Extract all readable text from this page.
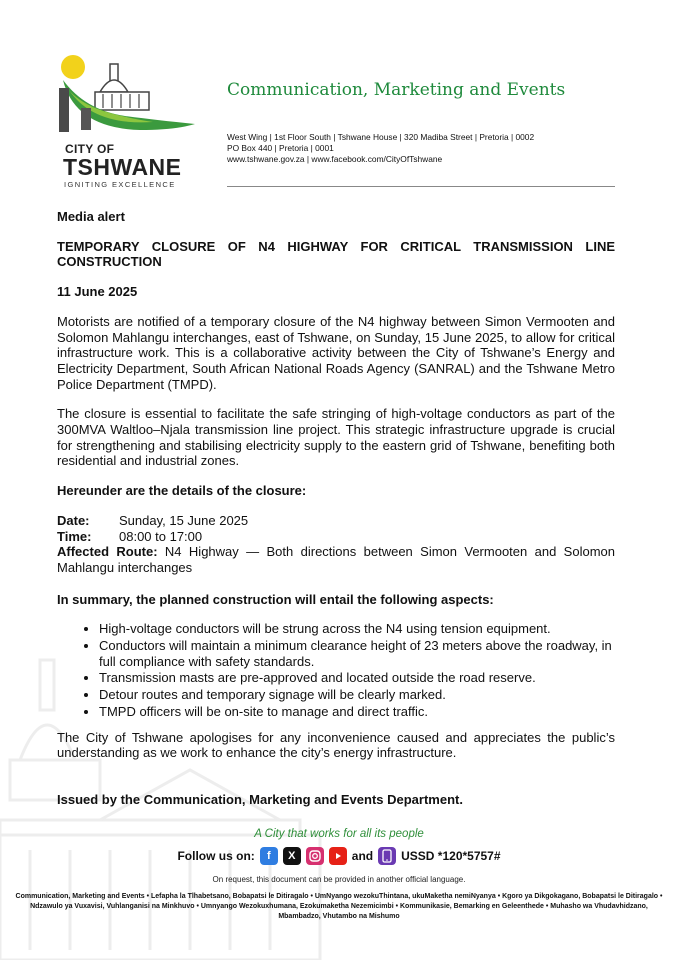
CITY OF
TSHWANE
IGNITING EXCELLENCE
Communication, Marketing and Events
West Wing | 1st Floor South | Tshwane House | 320 Madiba Street | Pretoria | 0002
PO Box 440 | Pretoria | 0001
www.tshwane.gov.za | www.facebook.com/CityOfTshwane

Media alert

TEMPORARY CLOSURE OF N4 HIGHWAY FOR CRITICAL TRANSMISSION LINE CONSTRUCTION

11 June 2025

Motorists are notified of a temporary closure of the N4 highway between Simon Vermooten and Solomon Mahlangu interchanges, east of Tshwane, on Sunday, 15 June 2025, to allow for critical infrastructure work. This is a collaborative activity between the City of Tshwane’s Energy and Electricity Department, South African National Roads Agency (SANRAL) and the Tshwane Metro Police Department (TMPD).

The closure is essential to facilitate the safe stringing of high-voltage conductors as part of the 300MVA Waltloo–Njala transmission line project. This strategic infrastructure upgrade is crucial for strengthening and stabilising electricity supply to the eastern grid of Tshwane, benefiting both residential and industrial zones.

Hereunder are the details of the closure:

Date: Sunday, 15 June 2025
Time: 08:00 to 17:00
Affected Route: N4 Highway — Both directions between Simon Vermooten and Solomon Mahlangu interchanges

In summary, the planned construction will entail the following aspects:

• High-voltage conductors will be strung across the N4 using tension equipment.
• Conductors will maintain a minimum clearance height of 23 meters above the roadway, in full compliance with safety standards.
• Transmission masts are pre-approved and located outside the road reserve.
• Detour routes and temporary signage will be clearly marked.
• TMPD officers will be on-site to manage and direct traffic.

The City of Tshwane apologises for any inconvenience caused and appreciates the public’s understanding as we work to enhance the city’s energy infrastructure.

Issued by the Communication, Marketing and Events Department.

A City that works for all its people
Follow us on:	f	X	and USSD *120*5757#
On request, this document can be provided in another official language.
Communication, Marketing and Events • Lefapha la Tlhabetsano, Bobapatsi le Ditiragalo • UmNyango wezokuThintana, ukuMaketha nemiNyanya • Kgoro ya Dikgokagano, Bobapatsi le Ditiragalo • Ndzawulo ya Vuxavisi, Vuhlanganisi na Minkhuvo • Umnyango Wezokuxhumana, Ezokumaketha Nezemicimbi • Kommunikasie, Bemarking en Geleenthede • Muhasho wa Vhudavhidzano, Mbambadzo, Vhutambo na Mishumo
